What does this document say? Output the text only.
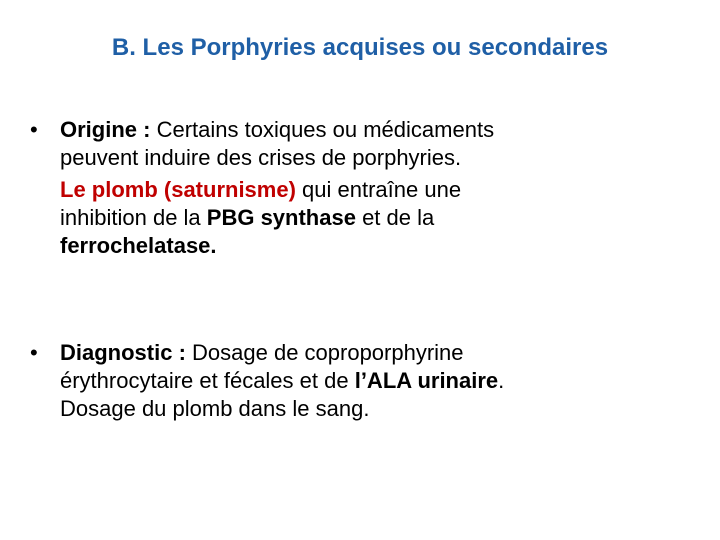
B. Les Porphyries acquises ou secondaires
•	Origine : Certains toxiques ou médicaments
peuvent induire des crises de porphyries.
Le plomb (saturnisme) qui entraîne une
inhibition de la PBG synthase et de la
ferrochelatase.
•	Diagnostic : Dosage de coproporphyrine
érythrocytaire et fécales et de l’ALA urinaire.
Dosage du plomb dans le sang.
